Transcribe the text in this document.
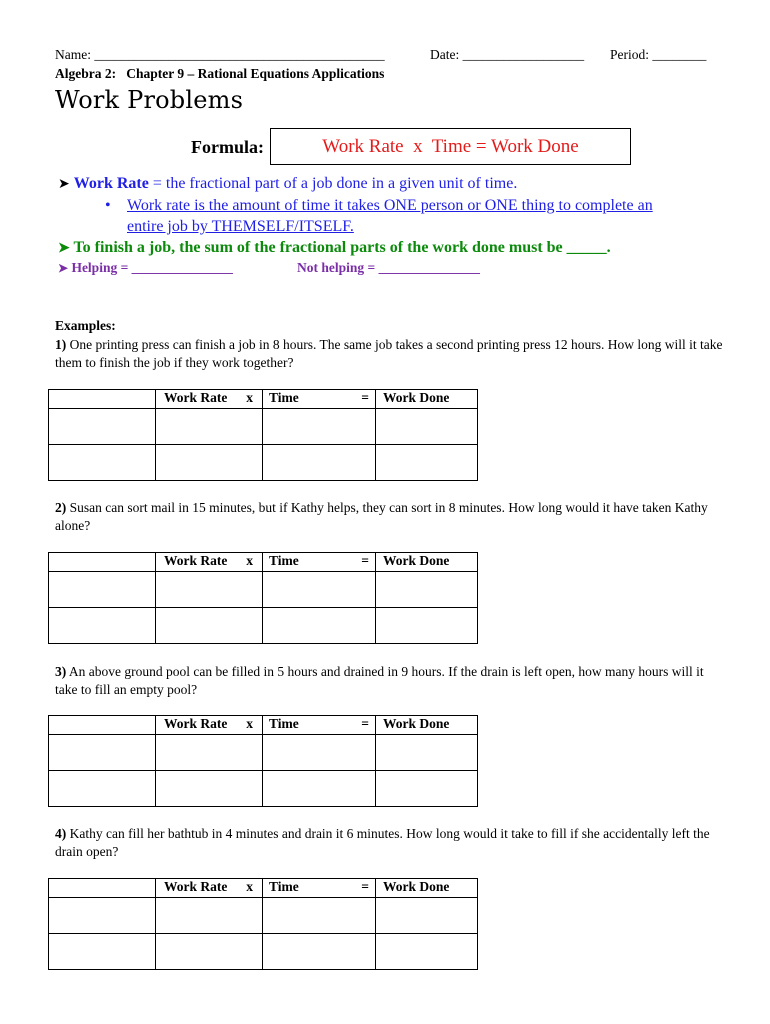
Name: ___________________________________________	Date: __________________ Period: ________
Algebra 2:   Chapter 9 – Rational Equations Applications
Work Problems
Formula:	Work Rate  x  Time = Work Done
➤ Work Rate = the fractional part of a job done in a given unit of time.
• Work rate is the amount of time it takes ONE person or ONE thing to complete an
entire job by THEMSELF/ITSELF.
➤ To finish a job, the sum of the fractional parts of the work done must be _____.
➤ Helping = _______________	Not helping = _______________
Examples:
1) One printing press can finish a job in 8 hours. The same job takes a second printing press 12 hours. How long will it take them to finish the job if they work together?

	Work Rate x	Time =	Work Done

2) Susan can sort mail in 15 minutes, but if Kathy helps, they can sort in 8 minutes. How long would it have taken Kathy alone?

	Work Rate x	Time =	Work Done

3) An above ground pool can be filled in 5 hours and drained in 9 hours. If the drain is left open, how many hours will it take to fill an empty pool?

	Work Rate x	Time =	Work Done

4) Kathy can fill her bathtub in 4 minutes and drain it 6 minutes. How long would it take to fill if she accidentally left the drain open?

	Work Rate x	Time =	Work Done
